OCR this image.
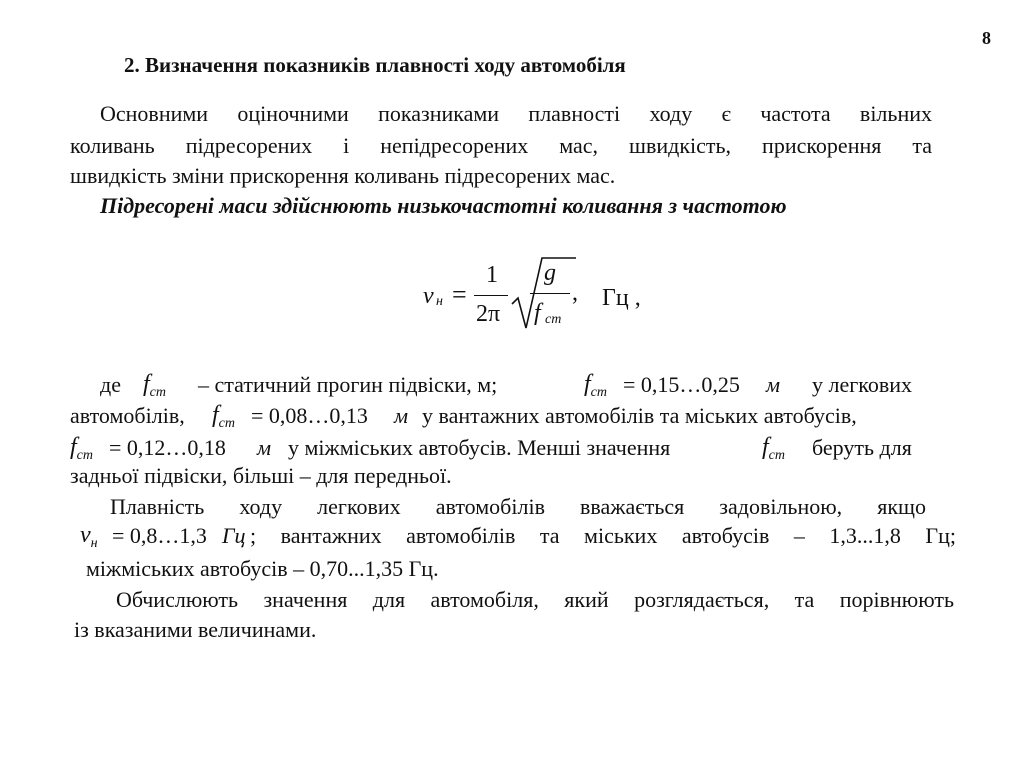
8
2. Визначення показників плавності ходу автомобіля
Основними оціночними показниками плавності ходу є частота вільних
коливань підресорених і непідресорених мас, швидкість, прискорення та
швидкість зміни прискорення коливань підресорених мас.
Підресорені маси здійснюють низькочастотні коливання з частотою
ν н =
1
2π
g
f ст
, Гц ,
де $f_{ст}$ – статичний прогин підвіски, м;	$f_{ст}$ = 0,15…0,25 м у легкових
автомобілів, $f_{ст}$ = 0,08…0,13 м у вантажних автомобілів та міських автобусів,
$f_{ст}$ = 0,12…0,18 м у міжміських автобусів. Менші значення	$f_{ст}$ беруть для
задньої підвіски, більші – для передньої.
Плавність ходу легкових автомобілів вважається задовільною, якщо
$\nu_н$ = 0,8…1,3 Гц ; вантажних автомобілів та міських автобусів – 1,3...1,8 Гц;
міжміських автобусів – 0,70...1,35 Гц.
Обчислюють значення для автомобіля, який розглядається, та порівнюють
із вказаними величинами.
